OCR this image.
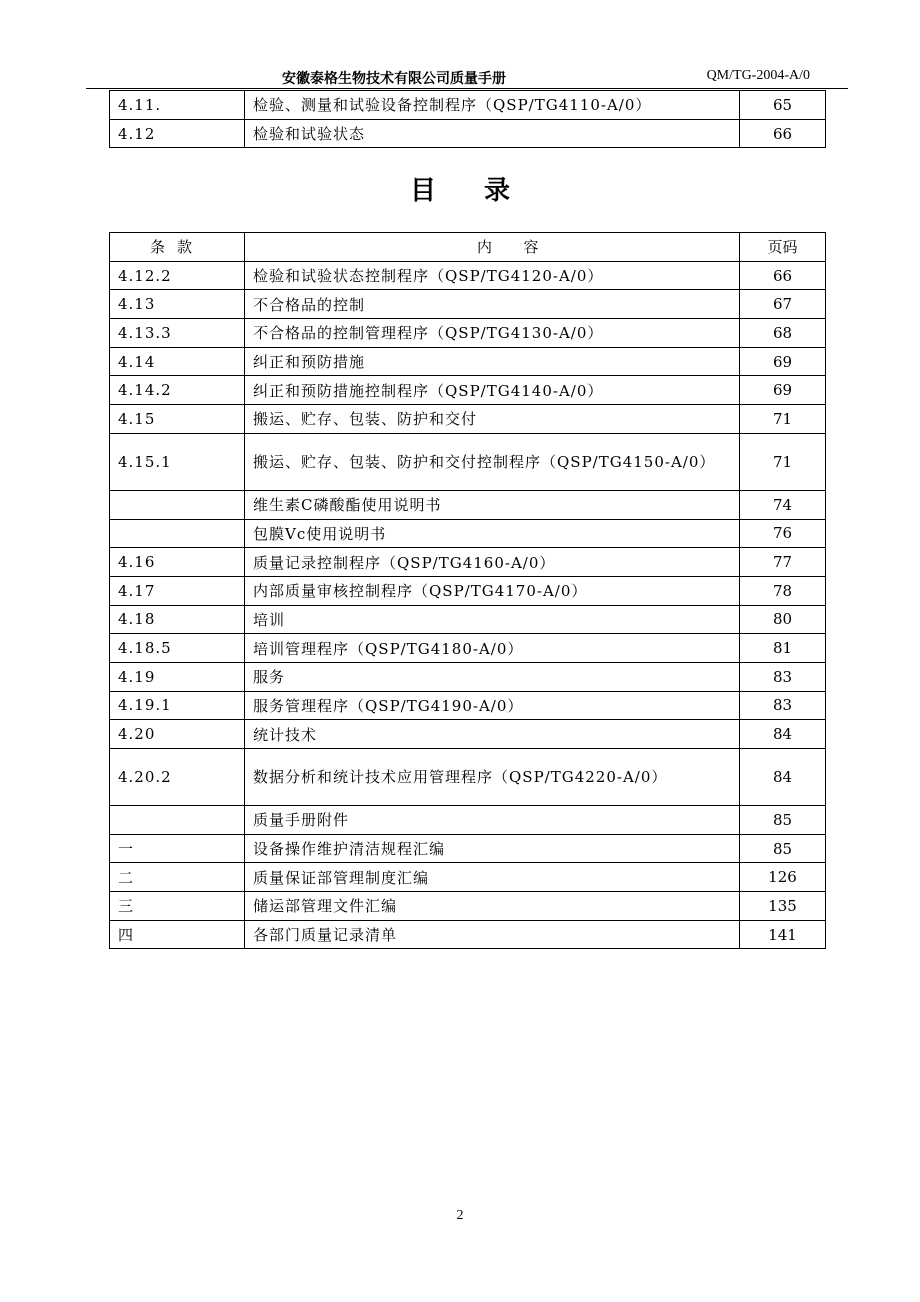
安徽泰格生物技术有限公司质量手册	QM/TG-2004-A/0
4.11.	检验、测量和试验设备控制程序（QSP/TG4110-A/0）	65
4.12	检验和试验状态	66
目 录
条款	内 容	页码
4.12.2	检验和试验状态控制程序（QSP/TG4120-A/0）	66
4.13	不合格品的控制	67
4.13.3	不合格品的控制管理程序（QSP/TG4130-A/0）	68
4.14	纠正和预防措施	69
4.14.2	纠正和预防措施控制程序（QSP/TG4140-A/0）	69
4.15	搬运、贮存、包装、防护和交付	71
4.15.1	搬运、贮存、包装、防护和交付控制程序（QSP/TG4150-A/0）	71
	维生素C磷酸酯使用说明书	74
	包膜Vc使用说明书	76
4.16	质量记录控制程序（QSP/TG4160-A/0）	77
4.17	内部质量审核控制程序（QSP/TG4170-A/0）	78
4.18	培训	80
4.18.5	培训管理程序（QSP/TG4180-A/0）	81
4.19	服务	83
4.19.1	服务管理程序（QSP/TG4190-A/0）	83
4.20	统计技术	84
4.20.2	数据分析和统计技术应用管理程序（QSP/TG4220-A/0）	84
	质量手册附件	85
一	设备操作维护清洁规程汇编	85
二	质量保证部管理制度汇编	126
三	储运部管理文件汇编	135
四	各部门质量记录清单	141
2
